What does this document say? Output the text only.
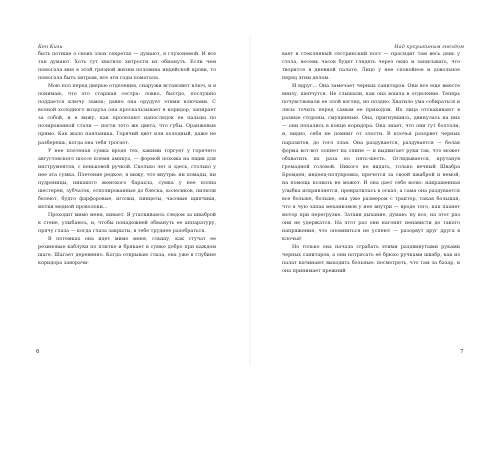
Кен Кизи

быть потише о своих злых секретах — думают, я глухонемой. И все так думают. Хоть тут хватило хитрости их обмануть. Если чем помогала мне в этой грязной жизни половина индейской крови, то помогала быть хитрым, все эти годы помогала.

Мою пол перед дверью отделения, снаружи вставляют ключ, и я понимаю, что это старшая сестра: ловко, быстро, послушно поддается ключу замок; давно она орудует этими ключами. С волной холодного воздуха она проскальзывает в коридор, запирает за собой, и я вижу, как пролезают напоследок ее пальцы по полированной стали — ногти того же цвета, что губы. Оранжевые прямо. Как жало паяльника. Горячий цвет или холодный, даже не разберешь, когда она тебя трогает.

У нее плетеная сумка вроде тех, хакими торгует у горячего августовского шоссе племя ампкуа, — формой похожа на ящик для инструментов, с пеньковой ручкой. Сколько лет я здесь, столько у нее эта сумка. Плетение редкое, я вижу, что внутри: ни помады, ни пудреницы, никакого женского барахла, сумка у нее полна шестерен, зубчаток, отполированные до блеска, колесиков, пилюли белеют, будто фарфоровые, иголки, пинцеты, часовые щипчики, мотки медной проволоки...

Проходит мимо меня, кивает. Я утаскиваюсь следом за шваброй к стене, улыбаюсь, и, чтобы понадежней обмануть ее аппаратуру, прячу глаза — когда глаза закрыты, в тебе труднее разобраться.

В потемках она идет мимо меня, слышу, как стучат ее резиновые каблуки по плитке и брякает в сумке добро при каждом шаге. Шагает деревянно. Когда открываю глаза, она уже в глубине коридора заворачи-

6
Над кукушкиным гнездом

вает в стеклянный сестринский пост — просидит там весь день у стола, восемь часов будет глядеть через окно и записывать, что творится в дневной палате. Лицо у нее спокойное и довольное перед этим делом.

И вдруг... Она замечает черных санитаров. Они все еще вместе внизу, шепчутся. Не слышали, как она вошла в отделение. Теперь почувствовали ее злой взгляд, но поздно. Хватило ума собираться и лясы точить перед самым ее приходом. Их лица отскакивают в разные стороны, смущенные. Она, пригнувшись, двинулась на них — они попались в конце коридора. Она знает, что они тут болтали, и, видно, себя не помнит от злости. В клочья разорвет черных паразитов, до того злая. Она раздувается, раздувается — белая форма вот-вот лопнет на спине — и выдвигает руки так, что может обхватить их раза по пять-шесть. Оглядывается, крутанув громадной головой. Никого не видать, только вечный Швабра Бромден, индеец-полукровка, прячется за своей шваброй и немой, на помощь позвать не может. И она дает себе волю: накрашенная улыбка искривляется, превратилась в оскал, а сама она раздувается все больше, больше, она уже размером с трактор, такая большая, что я чую запах механизмов у нее внутри — вроде того, как пахнет мотор при перегрузке. Затаив дыхание, думаю: ну все, на этот раз они не удержатся. На этот раз они нагонят ненависти до такого напряжения, что опомниться не успеют — разорвут друг друга в клочья!

Но только она начала сграбать этими раздвинутыми руками черных санитаров, а они потрясать её брюхо ручками швабр, как из палат начинают выходить больные: посмотреть, что там за базар, и она принимает прежний

7
